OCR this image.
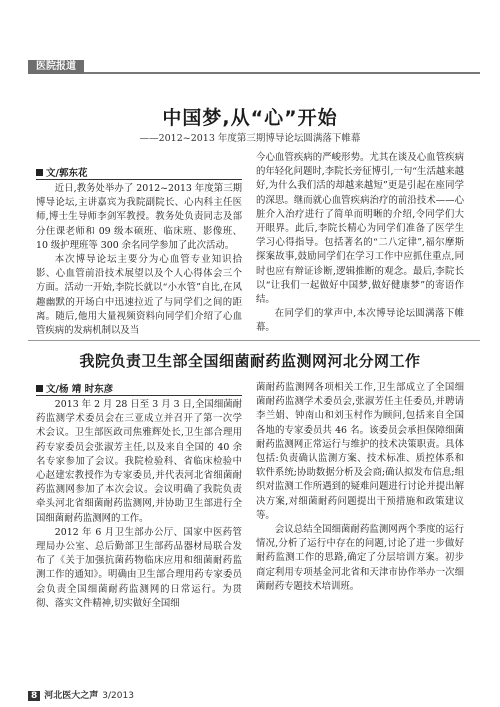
医院报道
中国梦,从“心”开始
——2012~2013 年度第三期博导论坛圆满落下帷幕
文/郭东花

近日,教务处举办了 2012~2013 年度第三期博导论坛,主讲嘉宾为我院副院长、心内科主任医师,博士生导师李剑军教授。教务处负责同志及部分住课老师和 09 级本硕班、临床班、影像班、10 级护理班等 300 余名同学参加了此次活动。

本次博导论坛主要分为心血管专业知识拾影、心血管前沿技术展望以及个人心得体会三个方面。活动一开始,李院长就以“小水管”自比,在风趣幽默的开场白中迅速拉近了与同学们之间的距离。随后,他用大量视频资料向同学们介绍了心血管疾病的发病机制以及当

今心血管疾病的严峻形势。尤其在谈及心血管疾病的年轻化问题时,李院长旁征博引,一句“生活越来越好,为什么我们活的却越来越短”更是引起在座同学的深思。继而就心血管疾病治疗的前沿技术——心脏介入治疗进行了简单而明晰的介绍,令同学们大开眼界。此后,李院长精心为同学们准备了医学生学习心得指导。包括著名的“二八定律”,福尔摩斯探案故事,鼓励同学们在学习工作中应抓住重点,同时也应有辩证诊断,逻辑推断的观念。最后,李院长以“让我们一起做好中国梦,做好健康梦”的寄语作结。

在同学们的掌声中,本次博导论坛圆满落下帷幕。

我院负责卫生部全国细菌耐药监测网河北分网工作
文/杨 靖 时东彦

2013 年 2 月 28 日至 3 月 3 日,全国细菌耐药监测学术委员会在三亚成立并召开了第一次学术会议。卫生部医政司焦雅辉处长,卫生部合理用药专家委员会张淑芳主任,以及来自全国的 40 余名专家参加了会议。我院检验科、省临床检验中心赵建宏教授作为专家委员,并代表河北省细菌耐药监测网参加了本次会议。会议明确了我院负责牵头河北省细菌耐药监测网,并协助卫生部进行全国细菌耐药监测网的工作。

2012 年 6 月卫生部办公厅、国家中医药管理局办公室、总后勤部卫生部药品器材局联合发布了《关于加强抗菌药物临床应用和细菌耐药监测工作的通知》。明确由卫生部合理用药专家委员会负责全国细菌耐药监测网的日常运行。为贯彻、落实文件精神,切实做好全国细

菌耐药监测网各项相关工作,卫生部成立了全国细菌耐药监测学术委员会,张淑芳任主任委员,并聘请李兰娟、钟南山和刘玉村作为顾问,包括来自全国各地的专家委员共 46 名。该委员会承担保障细菌耐药监测网正常运行与维护的技术决策职责。具体包括:负责确认监测方案、技术标准、质控体系和软件系统;协助数据分析及会商;确认拟发布信息;组织对监测工作所遇到的疑难问题进行讨论并提出解决方案,对细菌耐药问题提出干预措施和政策建议等。

会议总结全国细菌耐药监测网两个季度的运行情况,分析了运行中存在的问题,讨论了进一步做好耐药监测工作的思路,确定了分层培训方案。初步商定利用专项基金河北省和天津市协作举办一次细菌耐药专题技术培训班。

8 河北医大之声 3/2013
